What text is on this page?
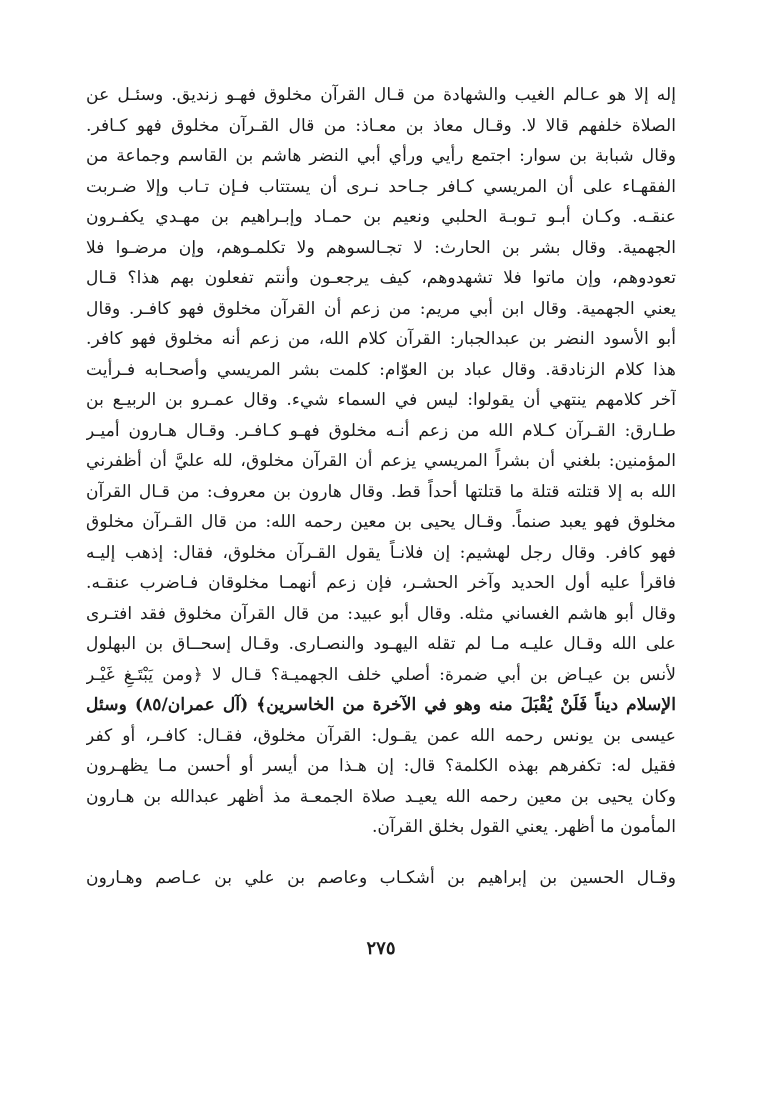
إله إلا هو عـالم الغيب والشهادة من قـال القرآن مخلوق فهـو زنديق. وسئـل عن
الصلاة خلفهم قالا لا. وقـال معاذ بن معـاذ: من قال القـرآن مخلوق فهو كـافر.
وقال شبابة بن سوار: اجتمع رأيي ورأي أبي النضر هاشم بن القاسم وجماعة من
الفقهـاء على أن المريسي كـافر جـاحد نـرى أن يستتاب فـإن تـاب وإلا ضـربت
عنقـه. وكـان أبـو تـوبـة الحلبي ونعيم بن حمـاد وإبـراهيم بن مهـدي يكفـرون
الجهمية. وقال بشر بن الحارث: لا تجـالسوهم ولا تكلمـوهم، وإن مرضـوا فلا
تعودوهم، وإن ماتوا فلا تشهدوهم، كيف يرجعـون وأنتم تفعلون بهم هذا؟ قـال
يعني الجهمية. وقال ابن أبي مريم: من زعم أن القرآن مخلوق فهو كافـر. وقال
أبو الأسود النضر بن عبدالجبار: القرآن كلام الله، من زعم أنه مخلوق فهو كافر.
هذا كلام الزنادقة. وقال عباد بن العوّام: كلمت بشر المريسي وأصحـابه فـرأيت
آخر كلامهم ينتهي أن يقولوا: ليس في السماء شيء. وقال عمـرو بن الربيـع بن
طـارق: القـرآن كـلام الله من زعم أنـه مخلوق فهـو كـافـر. وقـال هـارون أميـر
المؤمنين: بلغني أن بشراً المريسي يزعم أن القرآن مخلوق، لله عليَّ أن أظفرني
الله به إلا قتلته قتلة ما قتلتها أحداً قط. وقال هارون بن معروف: من قـال القرآن
مخلوق فهو يعبد صنماً. وقـال يحيى بن معين رحمه الله: من قال القـرآن مخلوق
فهو كافر. وقال رجل لهشيم: إن فلانـاً يقول القـرآن مخلوق، فقال: إذهب إليـه
فاقرأ عليه أول الحديد وآخر الحشـر، فإن زعم أنهمـا مخلوقان فـاضرب عنقـه.
وقال أبو هاشم الغساني مثله. وقال أبو عبيد: من قال القرآن مخلوق فقد افتـرى
على الله وقـال عليـه مـا لم تقله اليهـود والنصـارى. وقـال إسحــاق بن البهلول
لأنس بن عيـاض بن أبي ضمرة: أصلي خلف الجهميـة؟ قـال لا ﴿ومن يَبْتَـغِ غَيْـر
الإسلام ديناً فَلَنْ يُقْبَلَ منه وهو في الآخرة من الخاسرين﴾ (آل عمران/٨٥) وسئل
عيسى بن يونس رحمه الله عمن يقـول: القرآن مخلوق، فقـال: كافـر، أو كفر
فقيل له: تكفرهم بهذه الكلمة؟ قال: إن هـذا من أيسر أو أحسن مـا يظهـرون
وكان يحيى بن معين رحمه الله يعيـد صلاة الجمعـة مذ أظهر عبدالله بن هـارون
المأمون ما أظهر. يعني القول بخلق القرآن.
وقـال الحسين بن إبراهيم بن أشكـاب وعاصم بن علي بن عـاصم وهـارون
٢٧٥
